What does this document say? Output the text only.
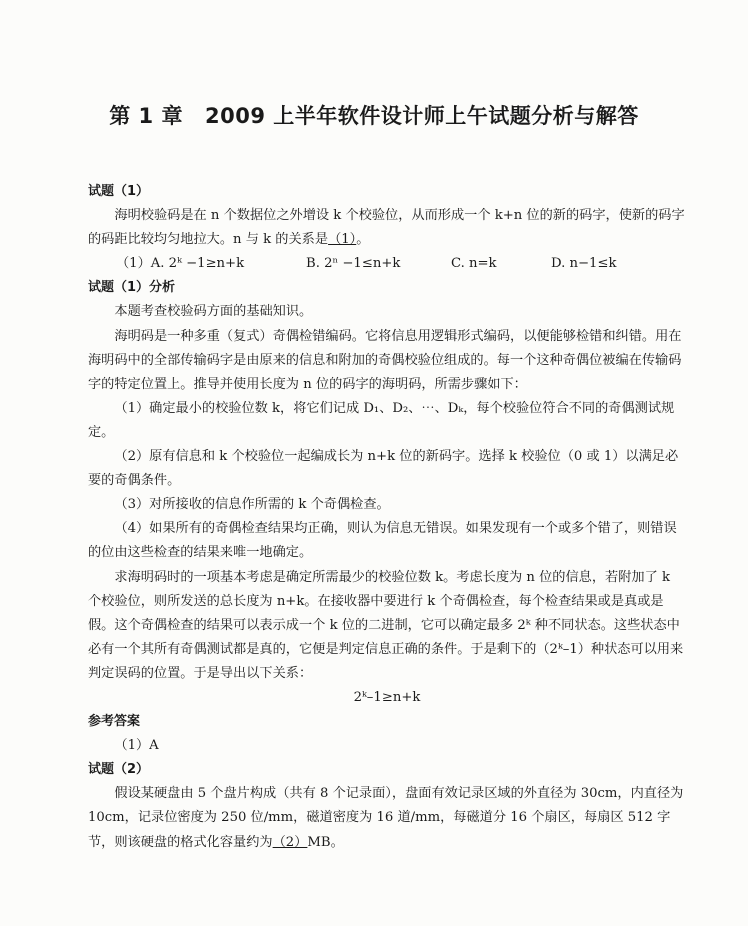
第 1 章 2009 上半年软件设计师上午试题分析与解答

试题（1）

海明校验码是在 n 个数据位之外增设 k 个校验位，从而形成一个 k+n 位的新的码字，使新的码字的码距比较均匀地拉大。n 与 k 的关系是（1）。

（1）A. 2ᵏ −1≥n+k	B. 2ⁿ −1≤n+k	C. n=k	D. n−1≤k

试题（1）分析

本题考查校验码方面的基础知识。

海明码是一种多重（复式）奇偶检错编码。它将信息用逻辑形式编码，以便能够检错和纠错。用在海明码中的全部传输码字是由原来的信息和附加的奇偶校验位组成的。每一个这种奇偶位被编在传输码字的特定位置上。推导并使用长度为 n 位的码字的海明码，所需步骤如下：

（1）确定最小的校验位数 k，将它们记成 D₁、D₂、⋯、Dₖ，每个校验位符合不同的奇偶测试规定。

（2）原有信息和 k 个校验位一起编成长为 n+k 位的新码字。选择 k 校验位（0 或 1）以满足必要的奇偶条件。

（3）对所接收的信息作所需的 k 个奇偶检查。

（4）如果所有的奇偶检查结果均正确，则认为信息无错误。如果发现有一个或多个错了，则错误的位由这些检查的结果来唯一地确定。

求海明码时的一项基本考虑是确定所需最少的校验位数 k。考虑长度为 n 位的信息，若附加了 k 个校验位，则所发送的总长度为 n+k。在接收器中要进行 k 个奇偶检查，每个检查结果或是真或是假。这个奇偶检查的结果可以表示成一个 k 位的二进制，它可以确定最多 2ᵏ 种不同状态。这些状态中必有一个其所有奇偶测试都是真的，它便是判定信息正确的条件。于是剩下的（2ᵏ–1）种状态可以用来判定误码的位置。于是导出以下关系：

2ᵏ–1≥n+k

参考答案

（1）A

试题（2）

假设某硬盘由 5 个盘片构成（共有 8 个记录面），盘面有效记录区域的外直径为 30cm，内直径为 10cm，记录位密度为 250 位/mm，磁道密度为 16 道/mm，每磁道分 16 个扇区，每扇区 512 字节，则该硬盘的格式化容量约为（2）MB。
